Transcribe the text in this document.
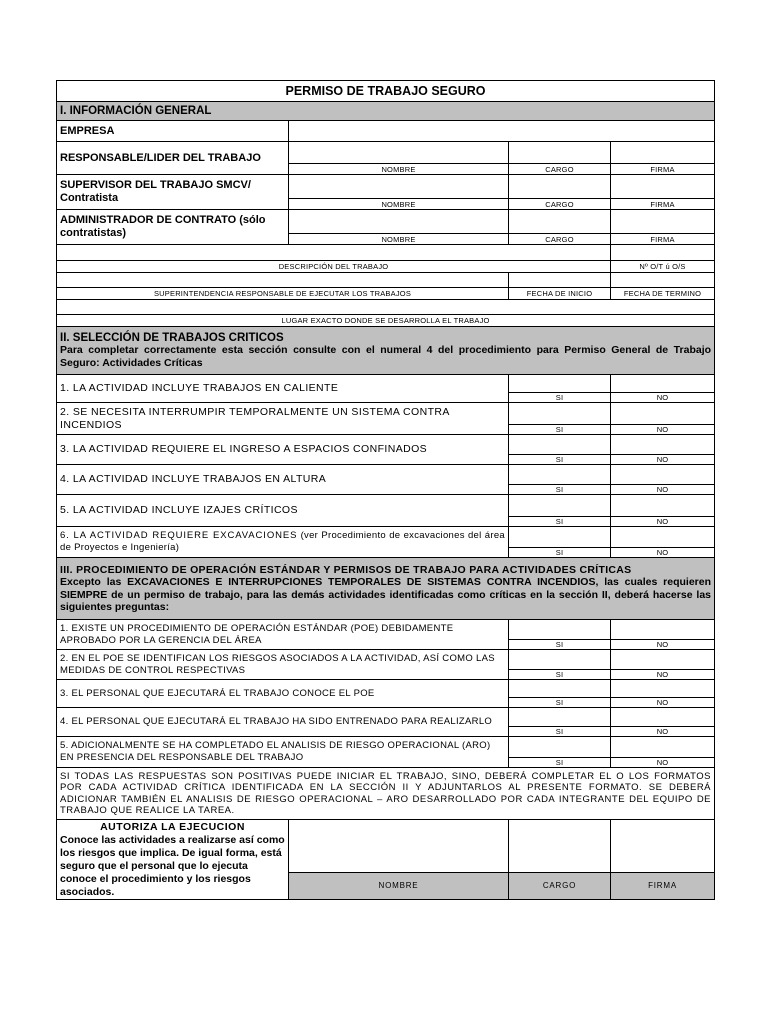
PERMISO DE TRABAJO SEGURO			
I. INFORMACIÓN GENERAL			
EMPRESA			
RESPONSABLE/LIDER DEL TRABAJO			
	NOMBRE	CARGO	FIRMA
SUPERVISOR DEL TRABAJO SMCV/ Contratista			
	NOMBRE	CARGO	FIRMA
ADMINISTRADOR DE CONTRATO (sólo contratistas)			
	NOMBRE	CARGO	FIRMA

DESCRIPCIÓN DEL TRABAJO			Nº O/T ú O/S

SUPERINTENDENCIA RESPONSABLE DE EJECUTAR LOS TRABAJOS		FECHA DE INICIO	FECHA DE TERMINO

LUGAR EXACTO DONDE SE DESARROLLA EL TRABAJO			

II. SELECCIÓN DE TRABAJOS CRITICOS
Para completar correctamente esta sección consulte con el numeral 4 del procedimiento para Permiso General de Trabajo Seguro: Actividades Críticas			

1. LA ACTIVIDAD INCLUYE TRABAJOS EN CALIENTE			
		SI	NO
2. SE NECESITA INTERRUMPIR TEMPORALMENTE UN SISTEMA CONTRA INCENDIOS			
		SI	NO
3. LA ACTIVIDAD REQUIERE EL INGRESO A ESPACIOS CONFINADOS			
		SI	NO
4. LA ACTIVIDAD INCLUYE TRABAJOS EN ALTURA			
		SI	NO
5. LA ACTIVIDAD INCLUYE IZAJES CRÍTICOS			
		SI	NO
6. LA ACTIVIDAD REQUIERE EXCAVACIONES (ver Procedimiento de excavaciones del área de Proyectos e Ingeniería)			
		SI	NO

III. PROCEDIMIENTO DE OPERACIÓN ESTÁNDAR Y PERMISOS DE TRABAJO PARA ACTIVIDADES CRÍTICAS
Excepto las EXCAVACIONES E INTERRUPCIONES TEMPORALES DE SISTEMAS CONTRA INCENDIOS, las cuales requieren SIEMPRE de un permiso de trabajo, para las demás actividades identificadas como críticas en la sección II, deberá hacerse las siguientes preguntas:			

1. EXISTE UN PROCEDIMIENTO DE OPERACIÓN ESTÁNDAR (POE) DEBIDAMENTE APROBADO POR LA GERENCIA DEL ÁREA			
		SI	NO
2. EN EL POE SE IDENTIFICAN LOS RIESGOS ASOCIADOS A LA ACTIVIDAD, ASÍ COMO LAS MEDIDAS DE CONTROL RESPECTIVAS			
		SI	NO
3. EL PERSONAL QUE EJECUTARÁ EL TRABAJO CONOCE EL POE			
		SI	NO
4. EL PERSONAL QUE EJECUTARÁ EL TRABAJO HA SIDO ENTRENADO PARA REALIZARLO			
		SI	NO
5. ADICIONALMENTE SE HA COMPLETADO EL ANALISIS DE RIESGO OPERACIONAL (ARO) EN PRESENCIA DEL RESPONSABLE DEL TRABAJO			
		SI	NO
SI TODAS LAS RESPUESTAS SON POSITIVAS PUEDE INICIAR EL TRABAJO, SINO, DEBERÁ COMPLETAR EL O LOS FORMATOS POR CADA ACTIVIDAD CRÍTICA IDENTIFICADA EN LA SECCIÓN II Y ADJUNTARLOS AL PRESENTE FORMATO. SE DEBERÁ ADICIONAR TAMBIÉN EL ANALISIS DE RIESGO OPERACIONAL – ARO DESARROLLADO POR CADA INTEGRANTE DEL EQUIPO DE TRABAJO QUE REALICE LA TAREA.			

AUTORIZA LA EJECUCION
Conoce las actividades a realizarse así como los riesgos que implica. De igual forma, está seguro que el personal que lo ejecuta conoce el procedimiento y los riesgos asociados.			

	NOMBRE	CARGO	FIRMA
